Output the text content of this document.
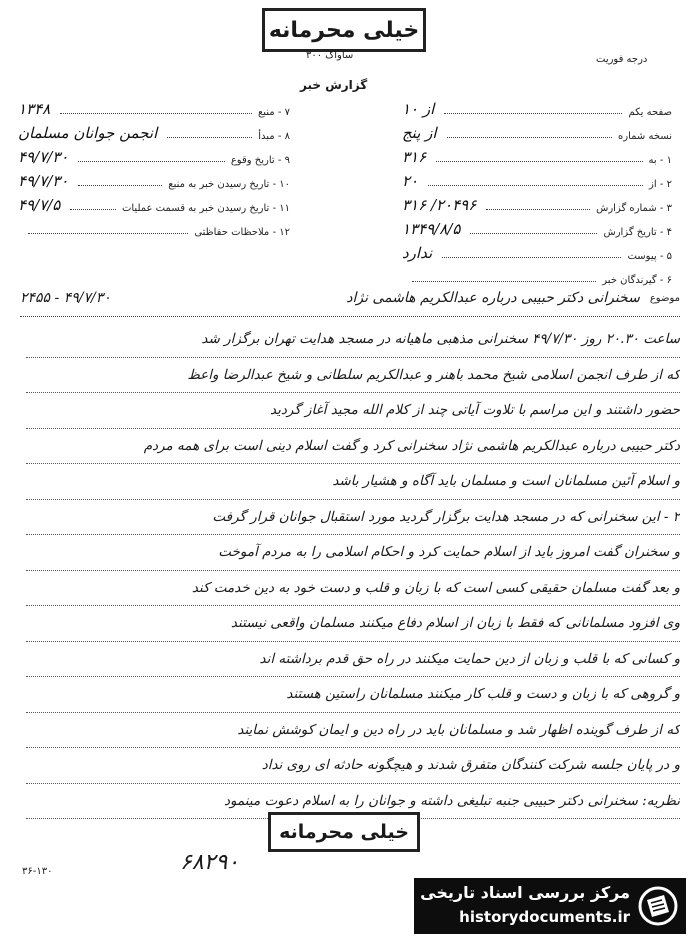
خیلی محرمانه
درجه فوریت
ساواک ۳۰۰
گزارش خبر
صفحه یکم
از ۱۰
نسخه شماره
از پنج
۱ - به
۳۱۶
۲ - از
۲۰
۳ - شماره گزارش
۲۰۴۹۶/ ۳۱۶
۴ - تاریخ گزارش
۱۳۴۹/۸/۵
۵ - پیوست
ندارد
۶ - گیرندگان خبر
۷ - منبع
۱۳۴۸
۸ - مبدأ
انجمن جوانان مسلمان
۹ - تاریخ وقوع
۴۹/۷/۳۰
۱۰ - تاریخ رسیدن خبر به منبع
۴۹/۷/۳۰
۱۱ - تاریخ رسیدن خبر به قسمت عملیات
۴۹/۷/۵
۱۲ - ملاحظات حفاظتی
موضوع
سخنرانی دکتر حبیبی درباره عبدالکریم هاشمی نژاد
۲۴۵۵ - ۴۹/۷/۳۰
ساعت ۲۰.۳۰ روز ۴۹/۷/۳۰ سخنرانی مذهبی ماهیانه در مسجد هدایت تهران برگزار شد
که از طرف انجمن اسلامی شیخ محمد باهنر و عبدالکریم سلطانی و شیخ عبدالرضا واعظ
حضور داشتند و این مراسم با تلاوت آیاتی چند از کلام الله مجید آغاز گردید
دکتر حبیبی درباره عبدالکریم هاشمی نژاد سخنرانی کرد و گفت اسلام دینی است برای همه مردم
و اسلام آئین مسلمانان است و مسلمان باید آگاه و هشیار باشد
۲ - این سخنرانی که در مسجد هدایت برگزار گردید مورد استقبال جوانان قرار گرفت
و سخنران گفت امروز باید از اسلام حمایت کرد و احکام اسلامی را به مردم آموخت
و بعد گفت مسلمان حقیقی کسی است که با زبان و قلب و دست خود به دین خدمت کند
وی افزود مسلمانانی که فقط با زبان از اسلام دفاع میکنند مسلمان واقعی نیستند
و کسانی که با قلب و زبان از دین حمایت میکنند در راه حق قدم برداشته اند
و گروهی که با زبان و دست و قلب کار میکنند مسلمانان راستین هستند
که از طرف گوینده اظهار شد و مسلمانان باید در راه دین و ایمان کوشش نمایند
و در پایان جلسه شرکت کنندگان متفرق شدند و هیچگونه حادثه ای روی نداد
نظریه: سخنرانی دکتر حبیبی جنبه تبلیغی داشته و جوانان را به اسلام دعوت مینمود
خیلی محرمانه
۶۸۲۹۰
۳۶-۱۳۰
مرکز بررسی اسناد تاریخی
historydocuments.ir
